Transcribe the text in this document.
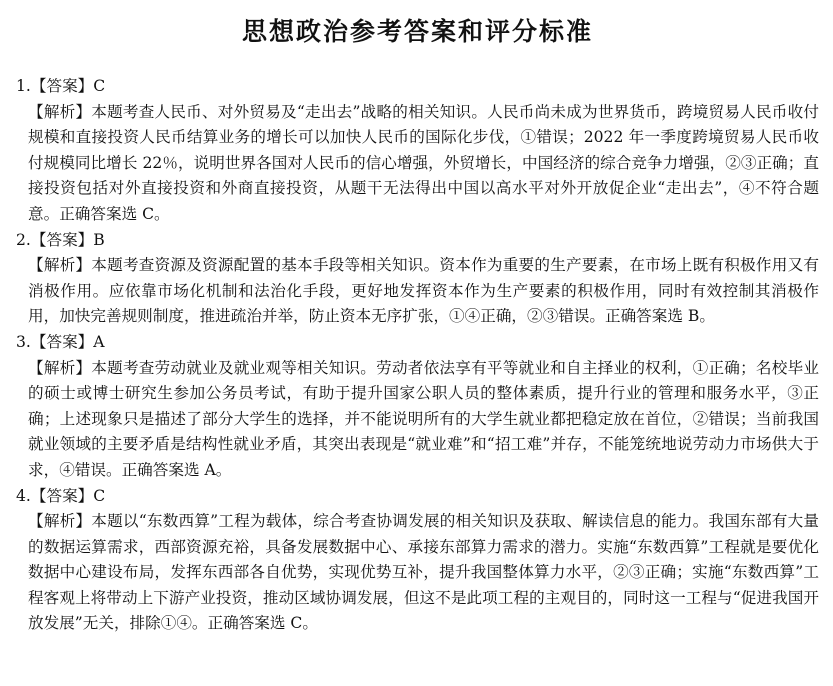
思想政治参考答案和评分标准
1.【答案】C
【解析】本题考查人民币、对外贸易及“走出去”战略的相关知识。人民币尚未成为世界货币，跨境贸易人民币收付规模和直接投资人民币结算业务的增长可以加快人民币的国际化步伐，①错误；2022 年一季度跨境贸易人民币收付规模同比增长 22％，说明世界各国对人民币的信心增强，外贸增长，中国经济的综合竞争力增强，②③正确；直接投资包括对外直接投资和外商直接投资，从题干无法得出中国以高水平对外开放促企业“走出去”，④不符合题意。正确答案选 C。
2.【答案】B
【解析】本题考查资源及资源配置的基本手段等相关知识。资本作为重要的生产要素，在市场上既有积极作用又有消极作用。应依靠市场化机制和法治化手段，更好地发挥资本作为生产要素的积极作用，同时有效控制其消极作用，加快完善规则制度，推进疏治并举，防止资本无序扩张，①④正确，②③错误。正确答案选 B。
3.【答案】A
【解析】本题考查劳动就业及就业观等相关知识。劳动者依法享有平等就业和自主择业的权利，①正确；名校毕业的硕士或博士研究生参加公务员考试，有助于提升国家公职人员的整体素质，提升行业的管理和服务水平，③正确；上述现象只是描述了部分大学生的选择，并不能说明所有的大学生就业都把稳定放在首位，②错误；当前我国就业领域的主要矛盾是结构性就业矛盾，其突出表现是“就业难”和“招工难”并存，不能笼统地说劳动力市场供大于求，④错误。正确答案选 A。
4.【答案】C
【解析】本题以“东数西算”工程为载体，综合考查协调发展的相关知识及获取、解读信息的能力。我国东部有大量的数据运算需求，西部资源充裕，具备发展数据中心、承接东部算力需求的潜力。实施“东数西算”工程就是要优化数据中心建设布局，发挥东西部各自优势，实现优势互补，提升我国整体算力水平，②③正确；实施“东数西算”工程客观上将带动上下游产业投资，推动区域协调发展，但这不是此项工程的主观目的，同时这一工程与“促进我国开放发展”无关，排除①④。正确答案选 C。
